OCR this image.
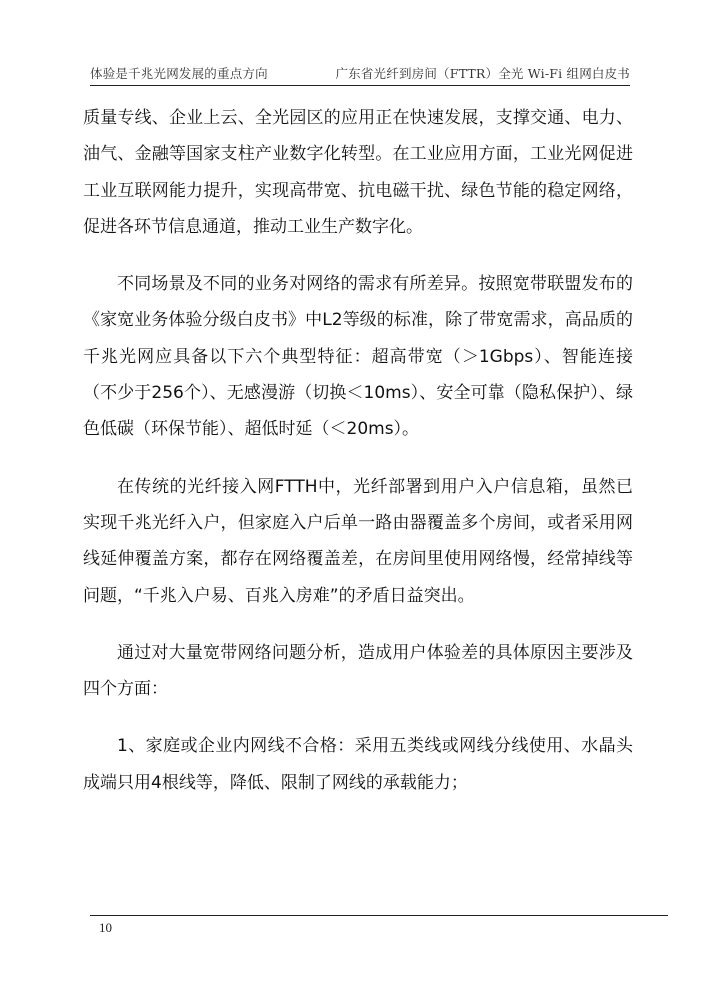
体验是千兆光网发展的重点方向	广东省光纤到房间（FTTR）全光 Wi-Fi 组网白皮书

质量专线、企业上云、全光园区的应用正在快速发展，支撑交通、电力、油气、金融等国家支柱产业数字化转型。在工业应用方面，工业光网促进工业互联网能力提升，实现高带宽、抗电磁干扰、绿色节能的稳定网络，促进各环节信息通道，推动工业生产数字化。

不同场景及不同的业务对网络的需求有所差异。按照宽带联盟发布的《家宽业务体验分级白皮书》中L2等级的标准，除了带宽需求，高品质的千兆光网应具备以下六个典型特征：超高带宽（＞1Gbps）、智能连接（不少于256个）、无感漫游（切换＜10ms）、安全可靠（隐私保护）、绿色低碳（环保节能）、超低时延（＜20ms）。

在传统的光纤接入网FTTH中，光纤部署到用户入户信息箱，虽然已实现千兆光纤入户，但家庭入户后单一路由器覆盖多个房间，或者采用网线延伸覆盖方案，都存在网络覆盖差，在房间里使用网络慢，经常掉线等问题，“千兆入户易、百兆入房难”的矛盾日益突出。

通过对大量宽带网络问题分析，造成用户体验差的具体原因主要涉及四个方面：

1、家庭或企业内网线不合格：采用五类线或网线分线使用、水晶头成端只用4根线等，降低、限制了网线的承载能力；

10
